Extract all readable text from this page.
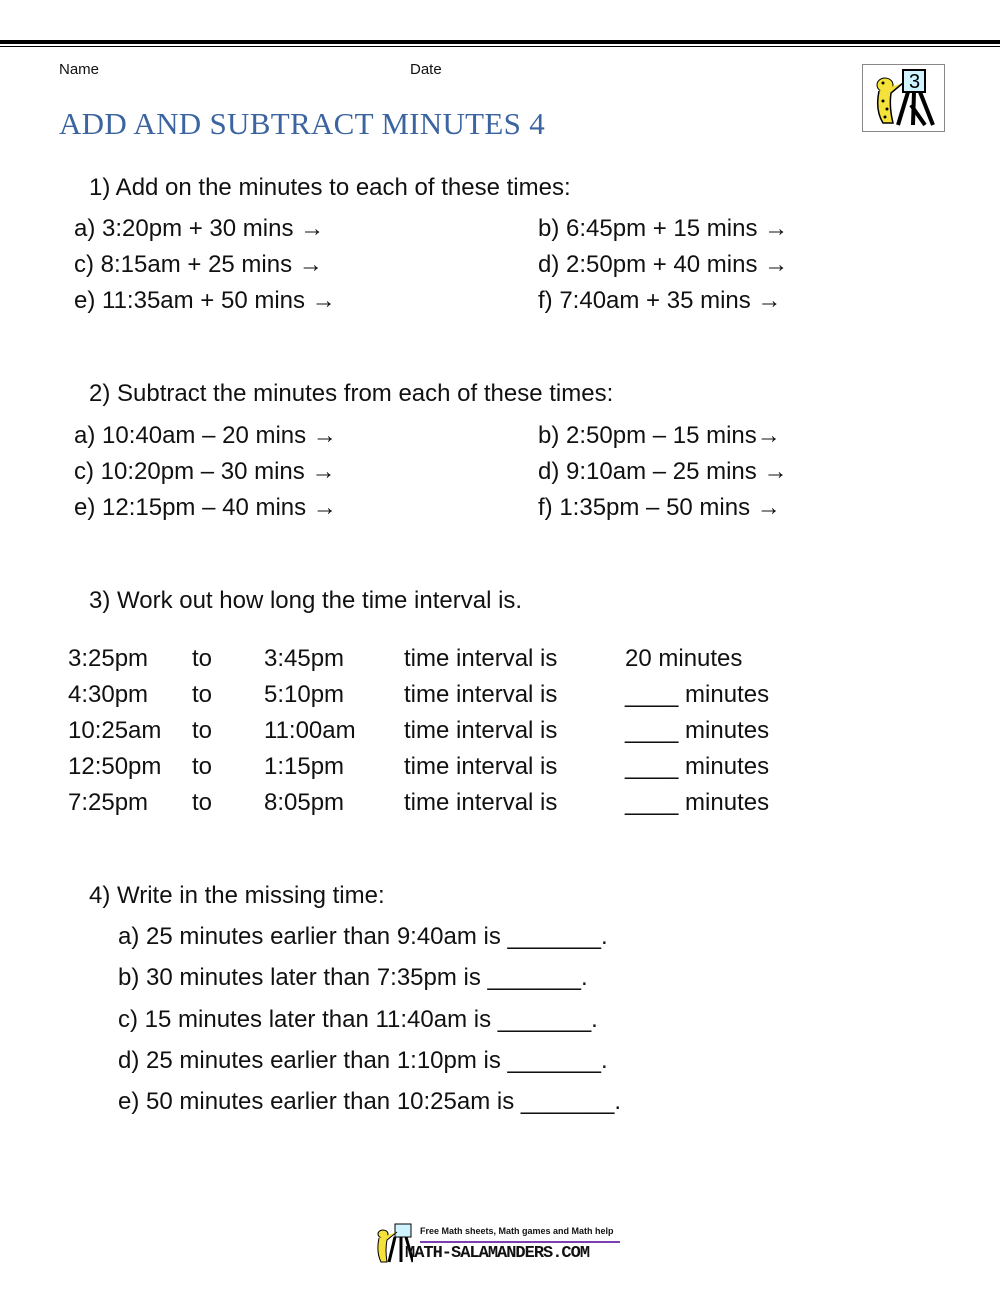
Name	Date
ADD AND SUBTRACT MINUTES 4
3
1) Add on the minutes to each of these times:
a) 3:20pm + 30 mins →	b) 6:45pm + 15 mins →
c) 8:15am + 25 mins →	d) 2:50pm + 40 mins →
e) 11:35am + 50 mins →	f) 7:40am + 35 mins →
2) Subtract the minutes from each of these times:
a) 10:40am – 20 mins →	b) 2:50pm – 15 mins→
c) 10:20pm – 30 mins →	d) 9:10am – 25 mins →
e) 12:15pm – 40 mins →	f) 1:35pm – 50 mins →
3) Work out how long the time interval is.
3:25pm to 3:45pm time interval is	20 minutes
4:30pm to 5:10pm time interval is	____ minutes
10:25am to 11:00am time interval is	____ minutes
12:50pm to 1:15pm time interval is	____ minutes
7:25pm to 8:05pm time interval is	____ minutes
4) Write in the missing time:
a) 25 minutes earlier than 9:40am is _______.
b) 30 minutes later than 7:35pm is _______.
c) 15 minutes later than 11:40am is _______.
d) 25 minutes earlier than 1:10pm is _______.
e) 50 minutes earlier than 10:25am is _______.
Free Math sheets, Math games and Math help
MATH-SALAMANDERS.COM
